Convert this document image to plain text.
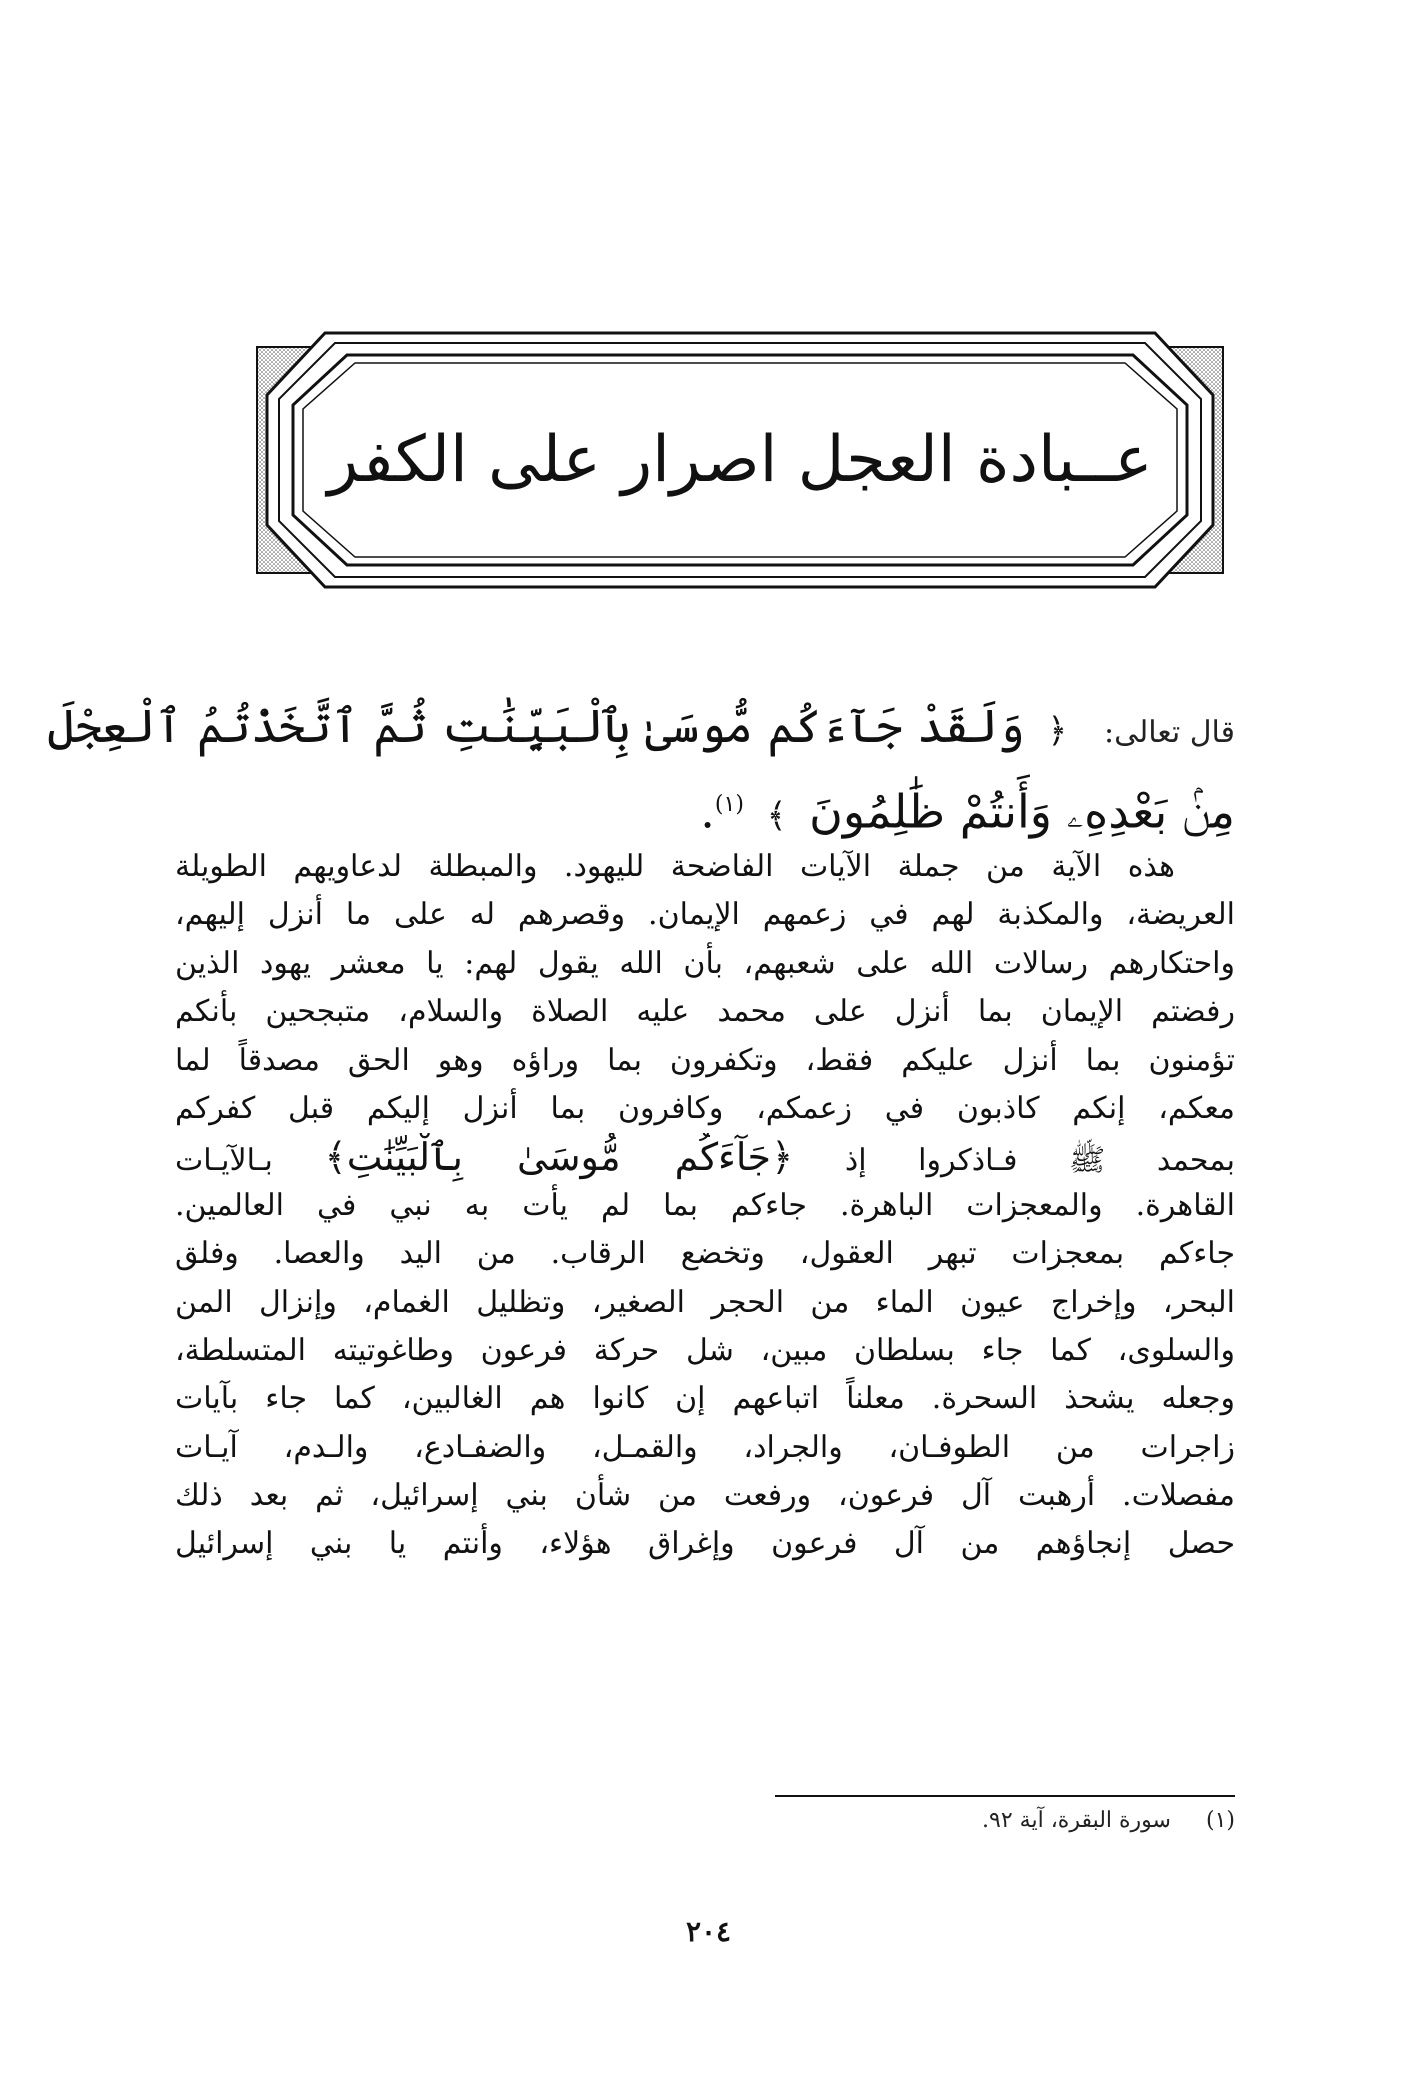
عــبادة العجل اصرار على الكفر
قال تعالى: ﴿ وَلَقَدْ جَآءَكُم مُّوسَىٰ بِٱلْبَيِّنَٰتِ ثُمَّ ٱتَّخَذْتُمُ ٱلْعِجْلَ
مِنۢ بَعْدِهِۦ وَأَنتُمْ ظَٰلِمُونَ ﴾ $^{(١)}$.
هذه الآية من جملة الآيات الفاضحة لليهود. والمبطلة لدعاويهم الطويلة
العريضة، والمكذبة لهم في زعمهم الإيمان. وقصرهم له على ما أنزل إليهم،
واحتكارهم رسالات الله على شعبهم، بأن الله يقول لهم: يا معشر يهود الذين
رفضتم الإيمان بما أنزل على محمد عليه الصلاة والسلام، متبجحين بأنكم
تؤمنون بما أنزل عليكم فقط، وتكفرون بما وراؤه وهو الحق مصدقاً لما
معكم، إنكم كاذبون في زعمكم، وكافرون بما أنزل إليكم قبل كفركم
بمحمد ﷺ فـاذكروا إذ ﴿جَآءَكُم مُّوسَىٰ بِٱلْبَيِّنَٰتِ﴾ بـالآيـات
القاهرة. والمعجزات الباهرة. جاءكم بما لم يأت به نبي في العالمين.
جاءكم بمعجزات تبهر العقول، وتخضع الرقاب. من اليد والعصا. وفلق
البحر، وإخراج عيون الماء من الحجر الصغير، وتظليل الغمام، وإنزال المن
والسلوى، كما جاء بسلطان مبين، شل حركة فرعون وطاغوتيته المتسلطة،
وجعله يشحذ السحرة. معلناً اتباعهم إن كانوا هم الغالبين، كما جاء بآيات
زاجرات من الطوفـان، والجراد، والقمـل، والضفـادع، والـدم، آيـات
مفصلات. أرهبت آل فرعون، ورفعت من شأن بني إسرائيل، ثم بعد ذلك
حصل إنجاؤهم من آل فرعون وإغراق هؤلاء، وأنتم يا بني إسرائيل
(١) سورة البقرة، آية ٩٢.
٢٠٤
